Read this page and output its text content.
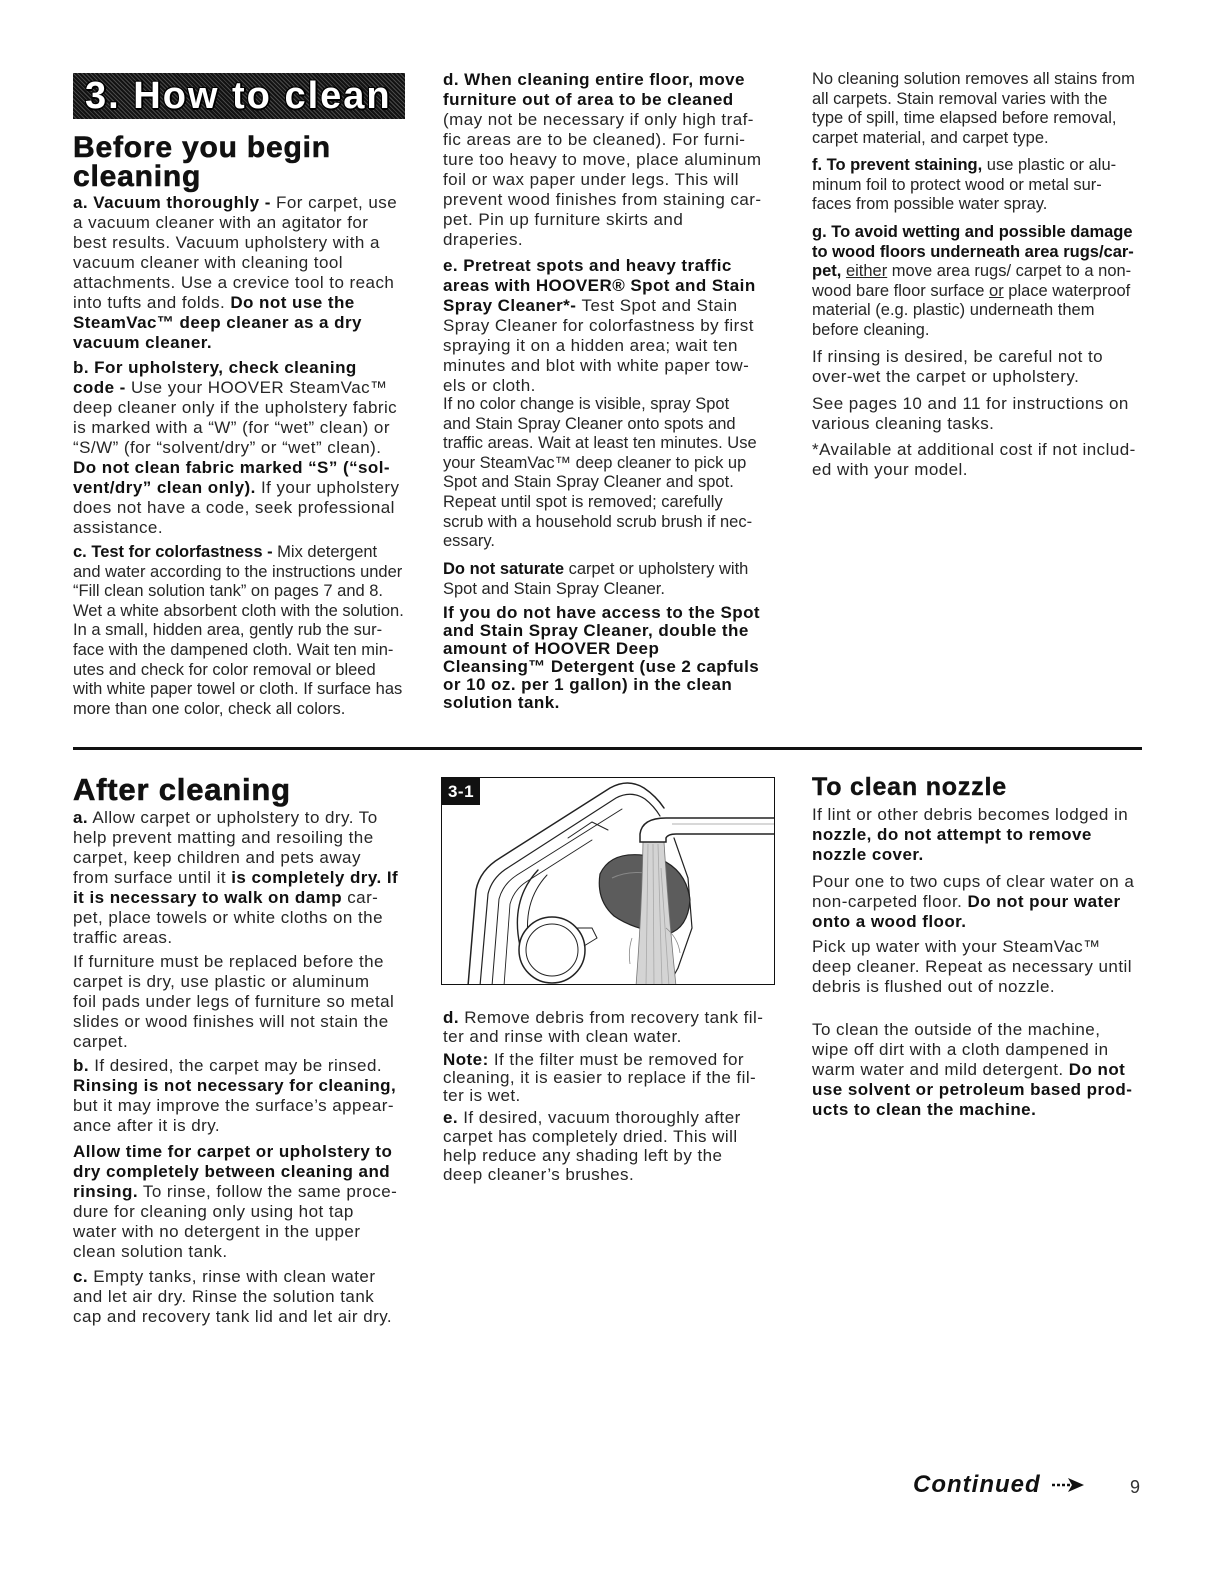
3. How to clean
Before you begin
cleaning
a. Vacuum thoroughly - For carpet, use
a vacuum cleaner with an agitator for
best results. Vacuum upholstery with a
vacuum cleaner with cleaning tool
attachments. Use a crevice tool to reach
into tufts and folds. Do not use the
SteamVac™ deep cleaner as a dry
vacuum cleaner.
b. For upholstery, check cleaning
code - Use your HOOVER SteamVac™
deep cleaner only if the upholstery fabric
is marked with a “W” (for “wet” clean) or
“S/W” (for “solvent/dry” or “wet” clean).
Do not clean fabric marked “S” (“sol-
vent/dry” clean only). If your upholstery
does not have a code, seek professional
assistance.
c. Test for colorfastness - Mix detergent
and water according to the instructions under
“Fill clean solution tank” on pages 7 and 8.
Wet a white absorbent cloth with the solution.
In a small, hidden area, gently rub the sur-
face with the dampened cloth. Wait ten min-
utes and check for color removal or bleed
with white paper towel or cloth. If surface has
more than one color, check all colors.
d. When cleaning entire floor, move
furniture out of area to be cleaned
(may not be necessary if only high traf-
fic areas are to be cleaned). For furni-
ture too heavy to move, place aluminum
foil or wax paper under legs. This will
prevent wood finishes from staining car-
pet. Pin up furniture skirts and
draperies.
e. Pretreat spots and heavy traffic
areas with HOOVER® Spot and Stain
Spray Cleaner*- Test Spot and Stain
Spray Cleaner for colorfastness by first
spraying it on a hidden area; wait ten
minutes and blot with white paper tow-
els or cloth.
If no color change is visible, spray Spot
and Stain Spray Cleaner onto spots and
traffic areas. Wait at least ten minutes. Use
your SteamVac™ deep cleaner to pick up
Spot and Stain Spray Cleaner and spot.
Repeat until spot is removed; carefully
scrub with a household scrub brush if nec-
essary.
Do not saturate carpet or upholstery with
Spot and Stain Spray Cleaner.
If you do not have access to the Spot
and Stain Spray Cleaner, double the
amount of HOOVER Deep
Cleansing™ Detergent (use 2 capfuls
or 10 oz. per 1 gallon) in the clean
solution tank.
No cleaning solution removes all stains from
all carpets. Stain removal varies with the
type of spill, time elapsed before removal,
carpet material, and carpet type.
f. To prevent staining, use plastic or alu-
minum foil to protect wood or metal sur-
faces from possible water spray.
g. To avoid wetting and possible damage
to wood floors underneath area rugs/car-
pet, either move area rugs/ carpet to a non-
wood bare floor surface or place waterproof
material (e.g. plastic) underneath them
before cleaning.
If rinsing is desired, be careful not to
over-wet the carpet or upholstery.
See pages 10 and 11 for instructions on
various cleaning tasks.
*Available at additional cost if not includ-
ed with your model.
After cleaning
a. Allow carpet or upholstery to dry. To
help prevent matting and resoiling the
carpet, keep children and pets away
from surface until it is completely dry. If
it is necessary to walk on damp car-
pet, place towels or white cloths on the
traffic areas.
If furniture must be replaced before the
carpet is dry, use plastic or aluminum
foil pads under legs of furniture so metal
slides or wood finishes will not stain the
carpet.
b. If desired, the carpet may be rinsed.
Rinsing is not necessary for cleaning,
but it may improve the surface’s appear-
ance after it is dry.
Allow time for carpet or upholstery to
dry completely between cleaning and
rinsing. To rinse, follow the same proce-
dure for cleaning only using hot tap
water with no detergent in the upper
clean solution tank.
c. Empty tanks, rinse with clean water
and let air dry. Rinse the solution tank
cap and recovery tank lid and let air dry.
3-1
d. Remove debris from recovery tank fil-
ter and rinse with clean water.
Note: If the filter must be removed for
cleaning, it is easier to replace if the fil-
ter is wet.
e. If desired, vacuum thoroughly after
carpet has completely dried. This will
help reduce any shading left by the
deep cleaner’s brushes.
To clean nozzle
If lint or other debris becomes lodged in
nozzle, do not attempt to remove
nozzle cover.
Pour one to two cups of clear water on a
non-carpeted floor. Do not pour water
onto a wood floor.
Pick up water with your SteamVac™
deep cleaner. Repeat as necessary until
debris is flushed out of nozzle.
To clean the outside of the machine,
wipe off dirt with a cloth dampened in
warm water and mild detergent. Do not
use solvent or petroleum based prod-
ucts to clean the machine.
Continued	9
